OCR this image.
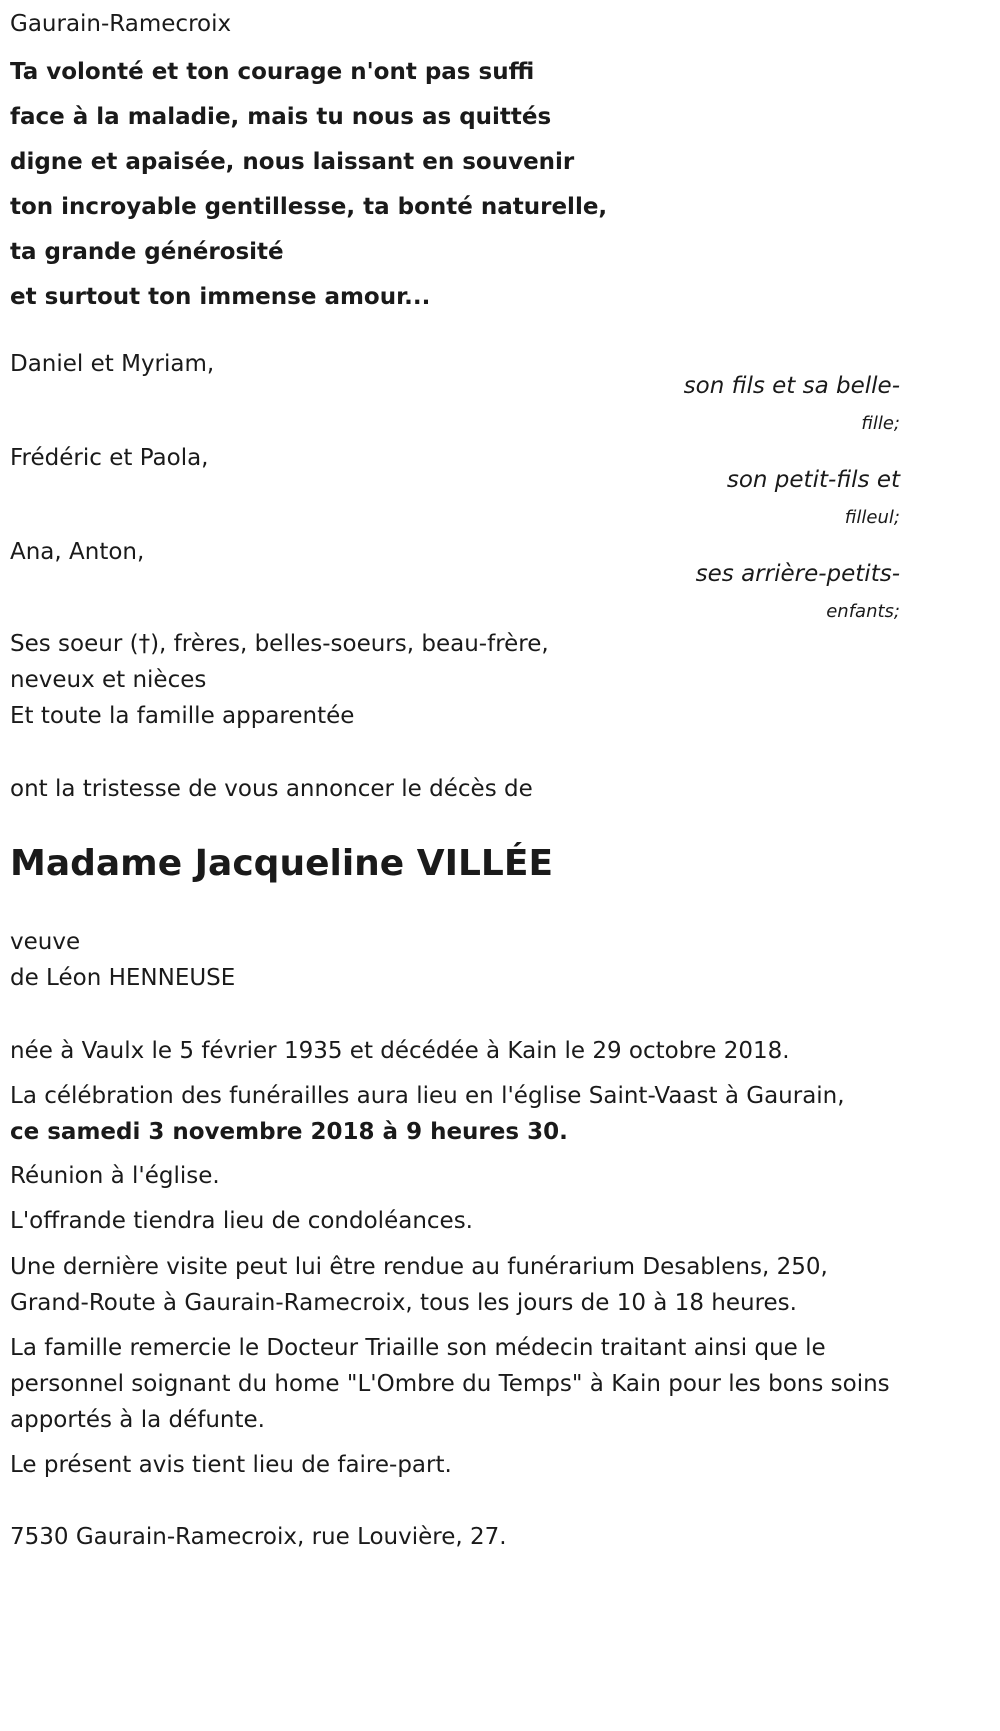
Gaurain-Ramecroix
Ta volonté et ton courage n'ont pas suffi
face à la maladie, mais tu nous as quittés
digne et apaisée, nous laissant en souvenir
ton incroyable gentillesse, ta bonté naturelle,
ta grande générosité
et surtout ton immense amour...
Daniel et Myriam,
son fils et sa belle-
fille;
Frédéric et Paola,
son petit-fils et
filleul;
Ana, Anton,
ses arrière-petits-
enfants;
Ses soeur (†), frères, belles-soeurs, beau-frère,
neveux et nièces
Et toute la famille apparentée
ont la tristesse de vous annoncer le décès de
Madame Jacqueline VILLÉE
veuve
de Léon HENNEUSE
née à Vaulx le 5 février 1935 et décédée à Kain le 29 octobre 2018.
La célébration des funérailles aura lieu en l'église Saint-Vaast à Gaurain,
ce samedi 3 novembre 2018 à 9 heures 30.
Réunion à l'église.
L'offrande tiendra lieu de condoléances.
Une dernière visite peut lui être rendue au funérarium Desablens, 250, Grand-Route à Gaurain-Ramecroix, tous les jours de 10 à 18 heures.
La famille remercie le Docteur Triaille son médecin traitant ainsi que le personnel soignant du home "L'Ombre du Temps" à Kain pour les bons soins apportés à la défunte.
Le présent avis tient lieu de faire-part.
7530 Gaurain-Ramecroix, rue Louvière, 27.
